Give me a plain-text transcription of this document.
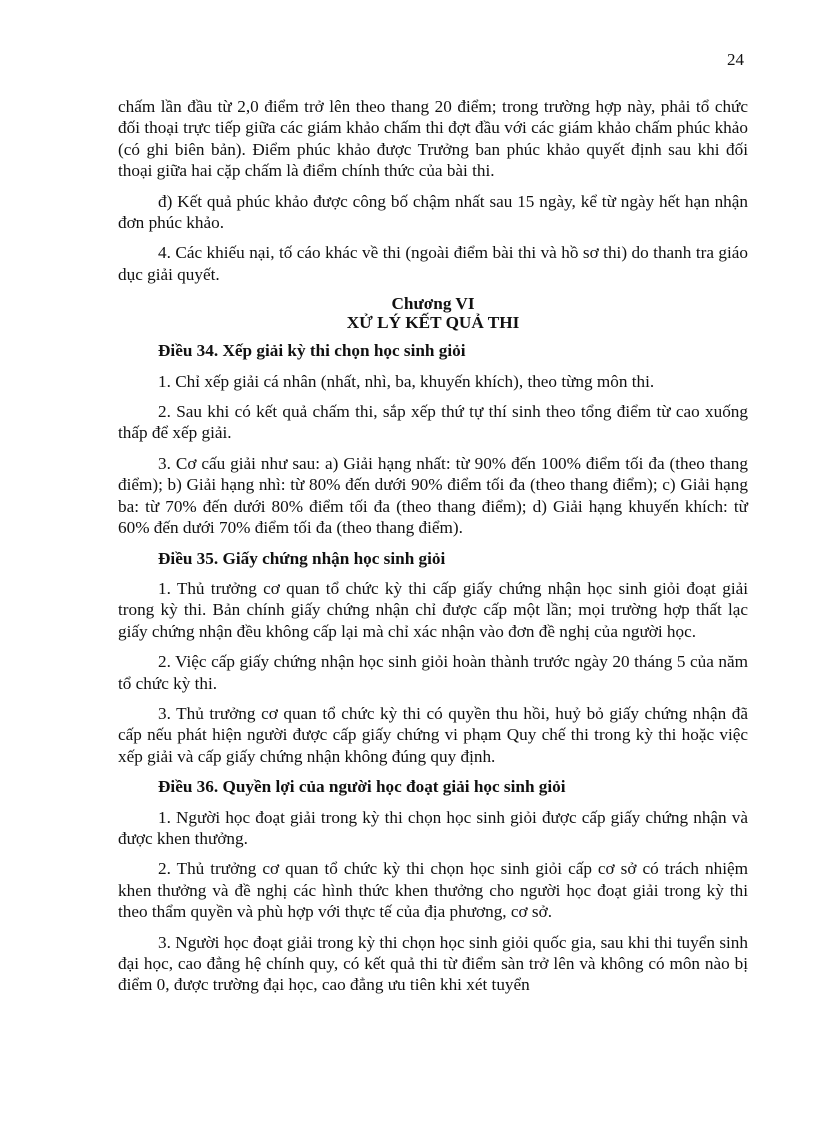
24

chấm lần đầu từ 2,0 điểm trở lên theo thang 20 điểm; trong trường hợp này, phải tổ chức đối thoại trực tiếp giữa các giám khảo chấm thi đợt đầu với các giám khảo chấm phúc khảo (có ghi biên bản). Điểm phúc khảo được Trưởng ban phúc khảo quyết định sau khi đối thoại giữa hai cặp chấm là điểm chính thức của bài thi.

đ) Kết quả phúc khảo được công bố chậm nhất sau 15 ngày, kể từ ngày hết hạn nhận đơn phúc khảo.

4. Các khiếu nại, tố cáo khác về thi (ngoài điểm bài thi và hồ sơ thi) do thanh tra giáo dục giải quyết.

Chương VI
XỬ LÝ KẾT QUẢ THI

Điều 34. Xếp giải kỳ thi chọn học sinh giỏi

1. Chỉ xếp giải cá nhân (nhất, nhì, ba, khuyến khích), theo từng môn thi.

2. Sau khi có kết quả chấm thi, sắp xếp thứ tự thí sinh theo tổng điểm từ cao xuống thấp để xếp giải.

3. Cơ cấu giải như sau: a) Giải hạng nhất: từ 90% đến 100% điểm tối đa (theo thang điểm); b) Giải hạng nhì: từ 80% đến dưới 90% điểm tối đa (theo thang điểm); c) Giải hạng ba: từ 70% đến dưới 80% điểm tối đa (theo thang điểm); d) Giải hạng khuyến khích: từ 60% đến dưới 70% điểm tối đa (theo thang điểm).

Điều 35. Giấy chứng nhận học sinh giỏi

1. Thủ trưởng cơ quan tổ chức kỳ thi cấp giấy chứng nhận học sinh giỏi đoạt giải trong kỳ thi. Bản chính giấy chứng nhận chỉ được cấp một lần; mọi trường hợp thất lạc giấy chứng nhận đều không cấp lại mà chỉ xác nhận vào đơn đề nghị của người học.

2. Việc cấp giấy chứng nhận học sinh giỏi hoàn thành trước ngày 20 tháng 5 của năm tổ chức kỳ thi.

3. Thủ trưởng cơ quan tổ chức kỳ thi có quyền thu hồi, huỷ bỏ giấy chứng nhận đã cấp nếu phát hiện người được cấp giấy chứng vi phạm Quy chế thi trong kỳ thi hoặc việc xếp giải và cấp giấy chứng nhận không đúng quy định.

Điều 36. Quyền lợi của người học đoạt giải học sinh giỏi

1. Người học đoạt giải trong kỳ thi chọn học sinh giỏi được cấp giấy chứng nhận và được khen thưởng.

2. Thủ trưởng cơ quan tổ chức kỳ thi chọn học sinh giỏi cấp cơ sở có trách nhiệm khen thưởng và đề nghị các hình thức khen thưởng cho người học đoạt giải trong kỳ thi theo thẩm quyền và phù hợp với thực tế của địa phương, cơ sở.

3. Người học đoạt giải trong kỳ thi chọn học sinh giỏi quốc gia, sau khi thi tuyển sinh đại học, cao đẳng hệ chính quy, có kết quả thi từ điểm sàn trở lên và không có môn nào bị điểm 0, được trường đại học, cao đẳng ưu tiên khi xét tuyển
